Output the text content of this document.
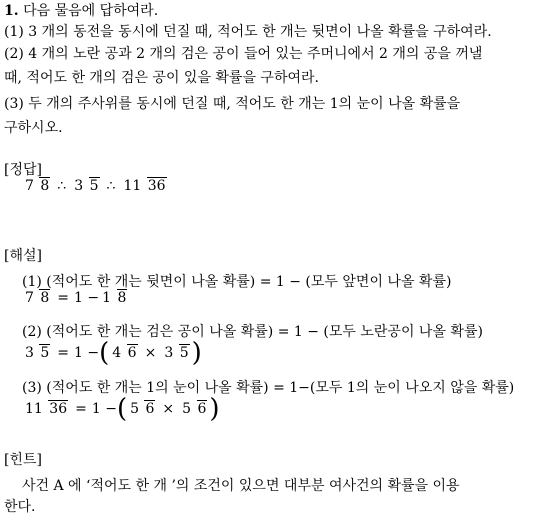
1. 다음 물음에 답하여라.
(1) 3 개의 동전을 동시에 던질 때, 적어도 한 개는 뒷면이 나올 확률을 구하여라.
(2) 4 개의 노란 공과 2 개의 검은 공이 들어 있는 주머니에서 2 개의 공을 꺼낼
때, 적어도 한 개의 검은 공이 있을 확률을 구하여라.
(3) 두 개의 주사위를 동시에 던질 때, 적어도 한 개는 1의 눈이 나올 확률을
구하시오.
[정답]
7 8 ∴ 3 5 ∴ 11 36
[해설]
(1) (적어도 한 개는 뒷면이 나올 확률) = 1 − (모두 앞면이 나올 확률)
7 8 = 1 − 1 8
(2) (적어도 한 개는 검은 공이 나올 확률) = 1 − (모두 노란공이 나올 확률)
3 5 = 1 − ( 4 6 × 3 5 )
(3) (적어도 한 개는 1의 눈이 나올 확률) = 1−(모두 1의 눈이 나오지 않을 확률)
11 36 = 1 − ( 5 6 × 5 6 )
[힌트]
사건 A 에 ‘적어도 한 개 ’의 조건이 있으면 대부분 여사건의 확률을 이용
한다.
